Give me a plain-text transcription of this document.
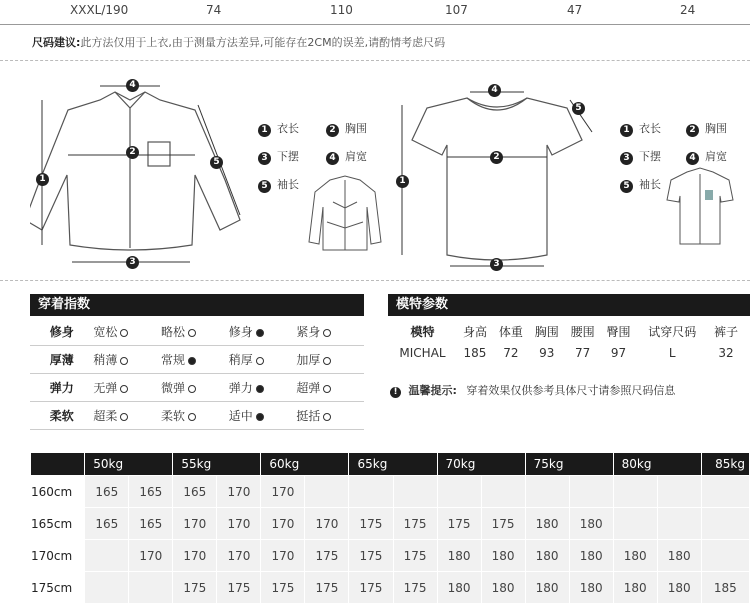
XXXL/190	74	110	107	47	24
尺码建议:此方法仅用于上衣,由于测量方法差异,可能存在2CM的误差,请酌情考虑尺码
1
2
3
4
5
1 衣长	2 胸围
3 下摆	4 肩宽
5 袖长	1
2
3
4
5
1 衣长	2 胸围
3 下摆	4 肩宽
5 袖长
穿着指数
修身	宽松	略松	修身	紧身
厚薄	稍薄	常规	稍厚	加厚
弹力	无弹	微弹	弹力	超弹
柔软	超柔	柔软	适中	挺括
模特参数
模特	身高	体重	胸围	腰围	臀围	试穿尺码	裤子
MICHAL	185	72	93	77	97	L	32
! 温馨提示: 穿着效果仅供参考具体尺寸请参照尺码信息
	50kg		55kg		60kg		65kg		70kg		75kg		80kg		85kg
160cm	165	165	165	170	170										
165cm	165	165	170	170	170	170	175	175	175	175	180	180			
170cm		170	170	170	170	175	175	175	180	180	180	180	180	180	
175cm			175	175	175	175	175	175	180	180	180	180	180	180	185
